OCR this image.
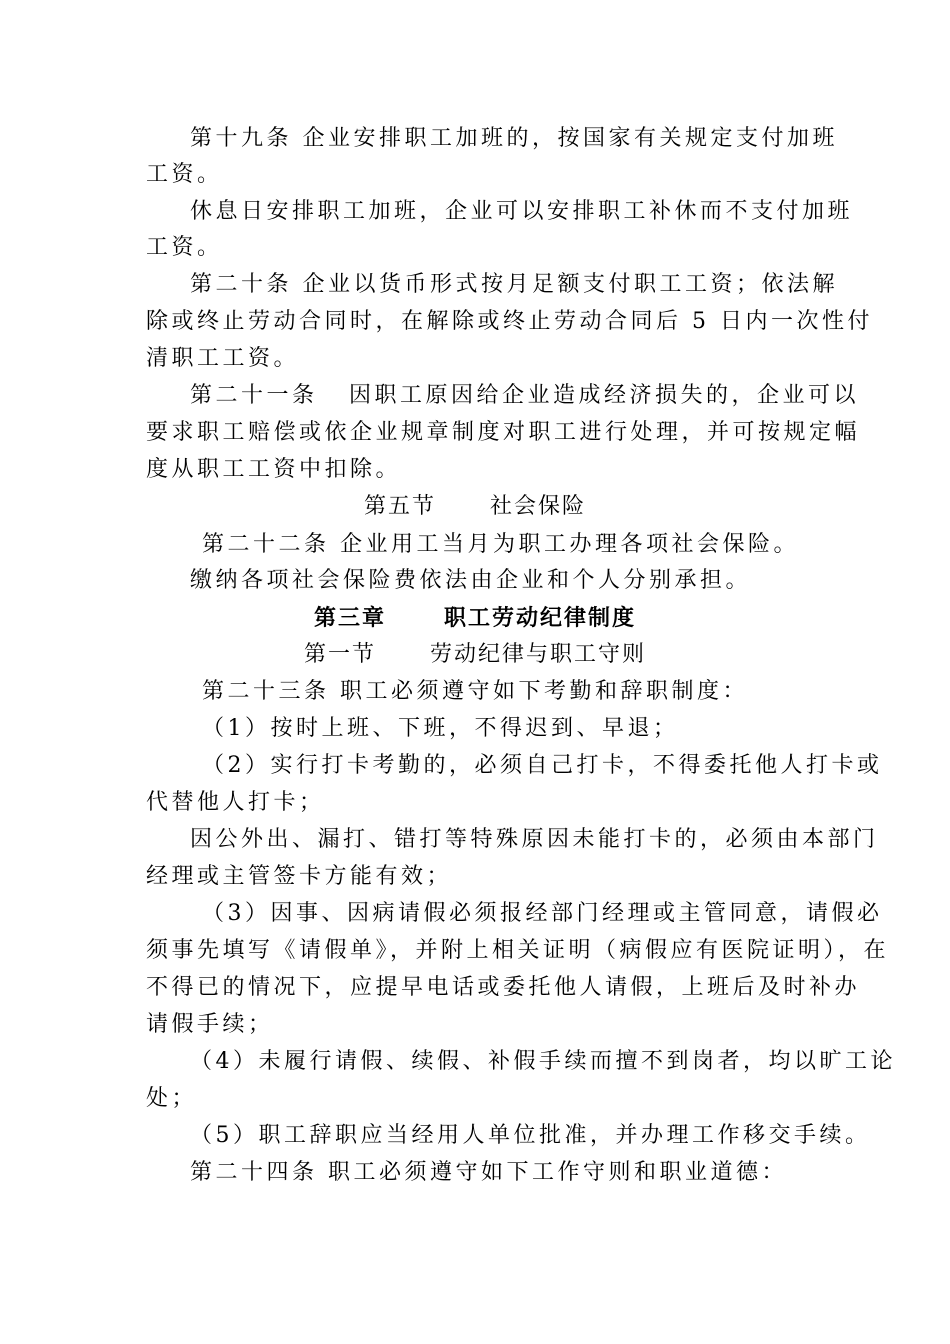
第十九条 企业安排职工加班的，按国家有关规定支付加班
工资。
休息日安排职工加班，企业可以安排职工补休而不支付加班
工资。
第二十条 企业以货币形式按月足额支付职工工资；依法解
除或终止劳动合同时，在解除或终止劳动合同后 5 日内一次性付
清职工工资。
第二十一条   因职工原因给企业造成经济损失的，企业可以
要求职工赔偿或依企业规章制度对职工进行处理，并可按规定幅
度从职工工资中扣除。
第五节      社会保险
第二十二条 企业用工当月为职工办理各项社会保险。
缴纳各项社会保险费依法由企业和个人分别承担。
第三章      职工劳动纪律制度
第一节      劳动纪律与职工守则
第二十三条 职工必须遵守如下考勤和辞职制度：
（1）按时上班、下班，不得迟到、早退；
（2）实行打卡考勤的，必须自己打卡，不得委托他人打卡或
代替他人打卡；
因公外出、漏打、错打等特殊原因未能打卡的，必须由本部门
经理或主管签卡方能有效；
（3）因事、因病请假必须报经部门经理或主管同意，请假必
须事先填写《请假单》，并附上相关证明（病假应有医院证明），在
不得已的情况下，应提早电话或委托他人请假，上班后及时补办
请假手续；
（4）未履行请假、续假、补假手续而擅不到岗者，均以旷工论
处；
（5）职工辞职应当经用人单位批准，并办理工作移交手续。
第二十四条 职工必须遵守如下工作守则和职业道德：
